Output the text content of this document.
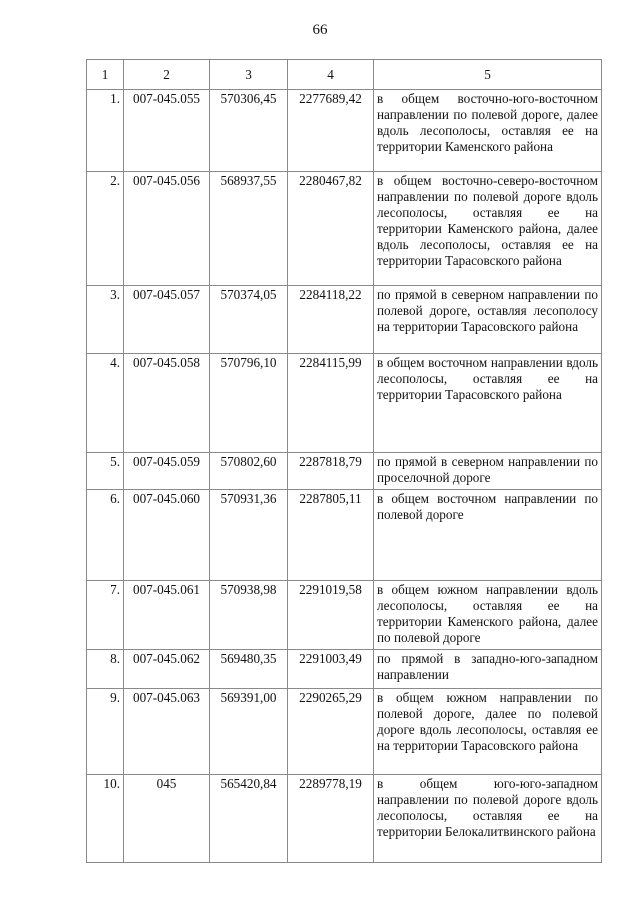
66
1	2	3	4	5
1.	007-045.055	570306,45	2277689,42	в общем восточно-юго-восточном направлении по полевой дороге, далее вдоль лесополосы, оставляя ее на территории Каменского района
2.	007-045.056	568937,55	2280467,82	в общем восточно-северо-восточном направлении по полевой дороге вдоль лесополосы, оставляя ее на территории Каменского района, далее вдоль лесополосы, оставляя ее на территории Тарасовского района
3.	007-045.057	570374,05	2284118,22	по прямой в северном направлении по полевой дороге, оставляя лесополосу на территории Тарасовского района
4.	007-045.058	570796,10	2284115,99	в общем восточном направлении вдоль лесополосы, оставляя ее на территории Тарасовского района
5.	007-045.059	570802,60	2287818,79	по прямой в северном направлении по проселочной дороге
6.	007-045.060	570931,36	2287805,11	в общем восточном направлении по полевой дороге
7.	007-045.061	570938,98	2291019,58	в общем южном направлении вдоль лесополосы, оставляя ее на территории Каменского района, далее по полевой дороге
8.	007-045.062	569480,35	2291003,49	по прямой в западно-юго-западном направлении
9.	007-045.063	569391,00	2290265,29	в общем южном направлении по полевой дороге, далее по полевой дороге вдоль лесополосы, оставляя ее на территории Тарасовского района
10.	045	565420,84	2289778,19	в общем юго-юго-западном направлении по полевой дороге вдоль лесополосы, оставляя ее на территории Белокалитвинского района
